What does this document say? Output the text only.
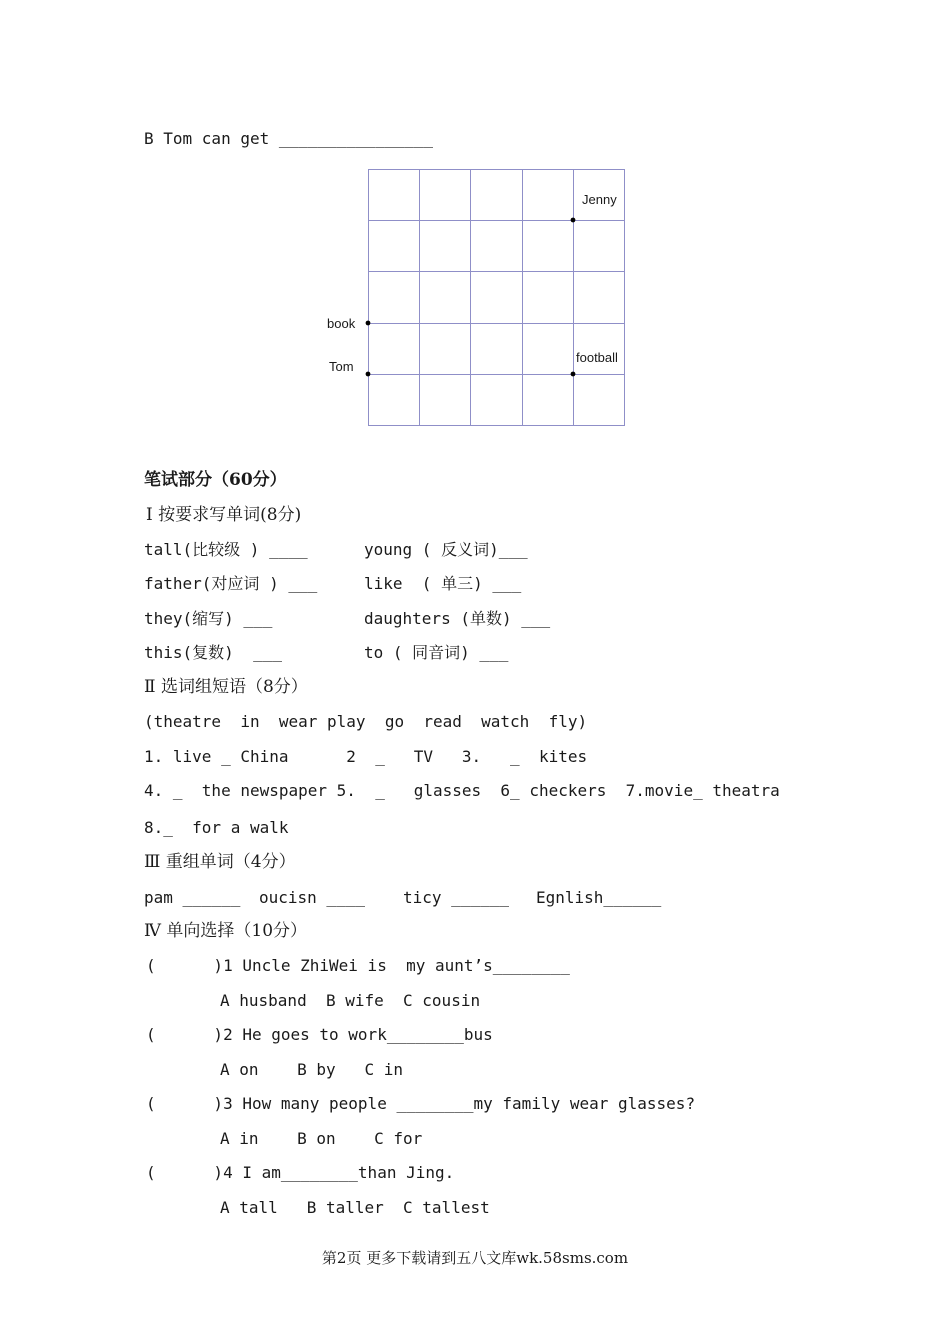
B Tom can get ________________
Jenny
book
Tom
football
笔试部分（60分）
Ⅰ 按要求写单词(8分)
tall(比较级 ) ____	young ( 反义词)___
father(对应词 ) ___	like  ( 单三) ___
they(缩写) ___	daughters (单数) ___
this(复数)  ___	to ( 同音词) ___
Ⅱ 选词组短语（8分）
(theatre  in  wear play  go  read  watch  fly)
1. live _ China      2  _   TV   3.   _  kites
4. _  the newspaper 5.  _   glasses  6_ checkers  7.movie_ theatra
8._  for a walk
Ⅲ 重组单词（4分）
pam ______ oucisn ____ ticy ______ Egnlish______
Ⅳ 单向选择（10分）
(      )1 Uncle ZhiWei is  my aunt’s________
A husband  B wife  C cousin
(      )2 He goes to work________bus
A on    B by   C in
(      )3 How many people ________my family wear glasses?
A in    B on    C for
(      )4 I am________than Jing.
A tall   B taller  C tallest
第2页 更多下载请到五八文库wk.58sms.com
